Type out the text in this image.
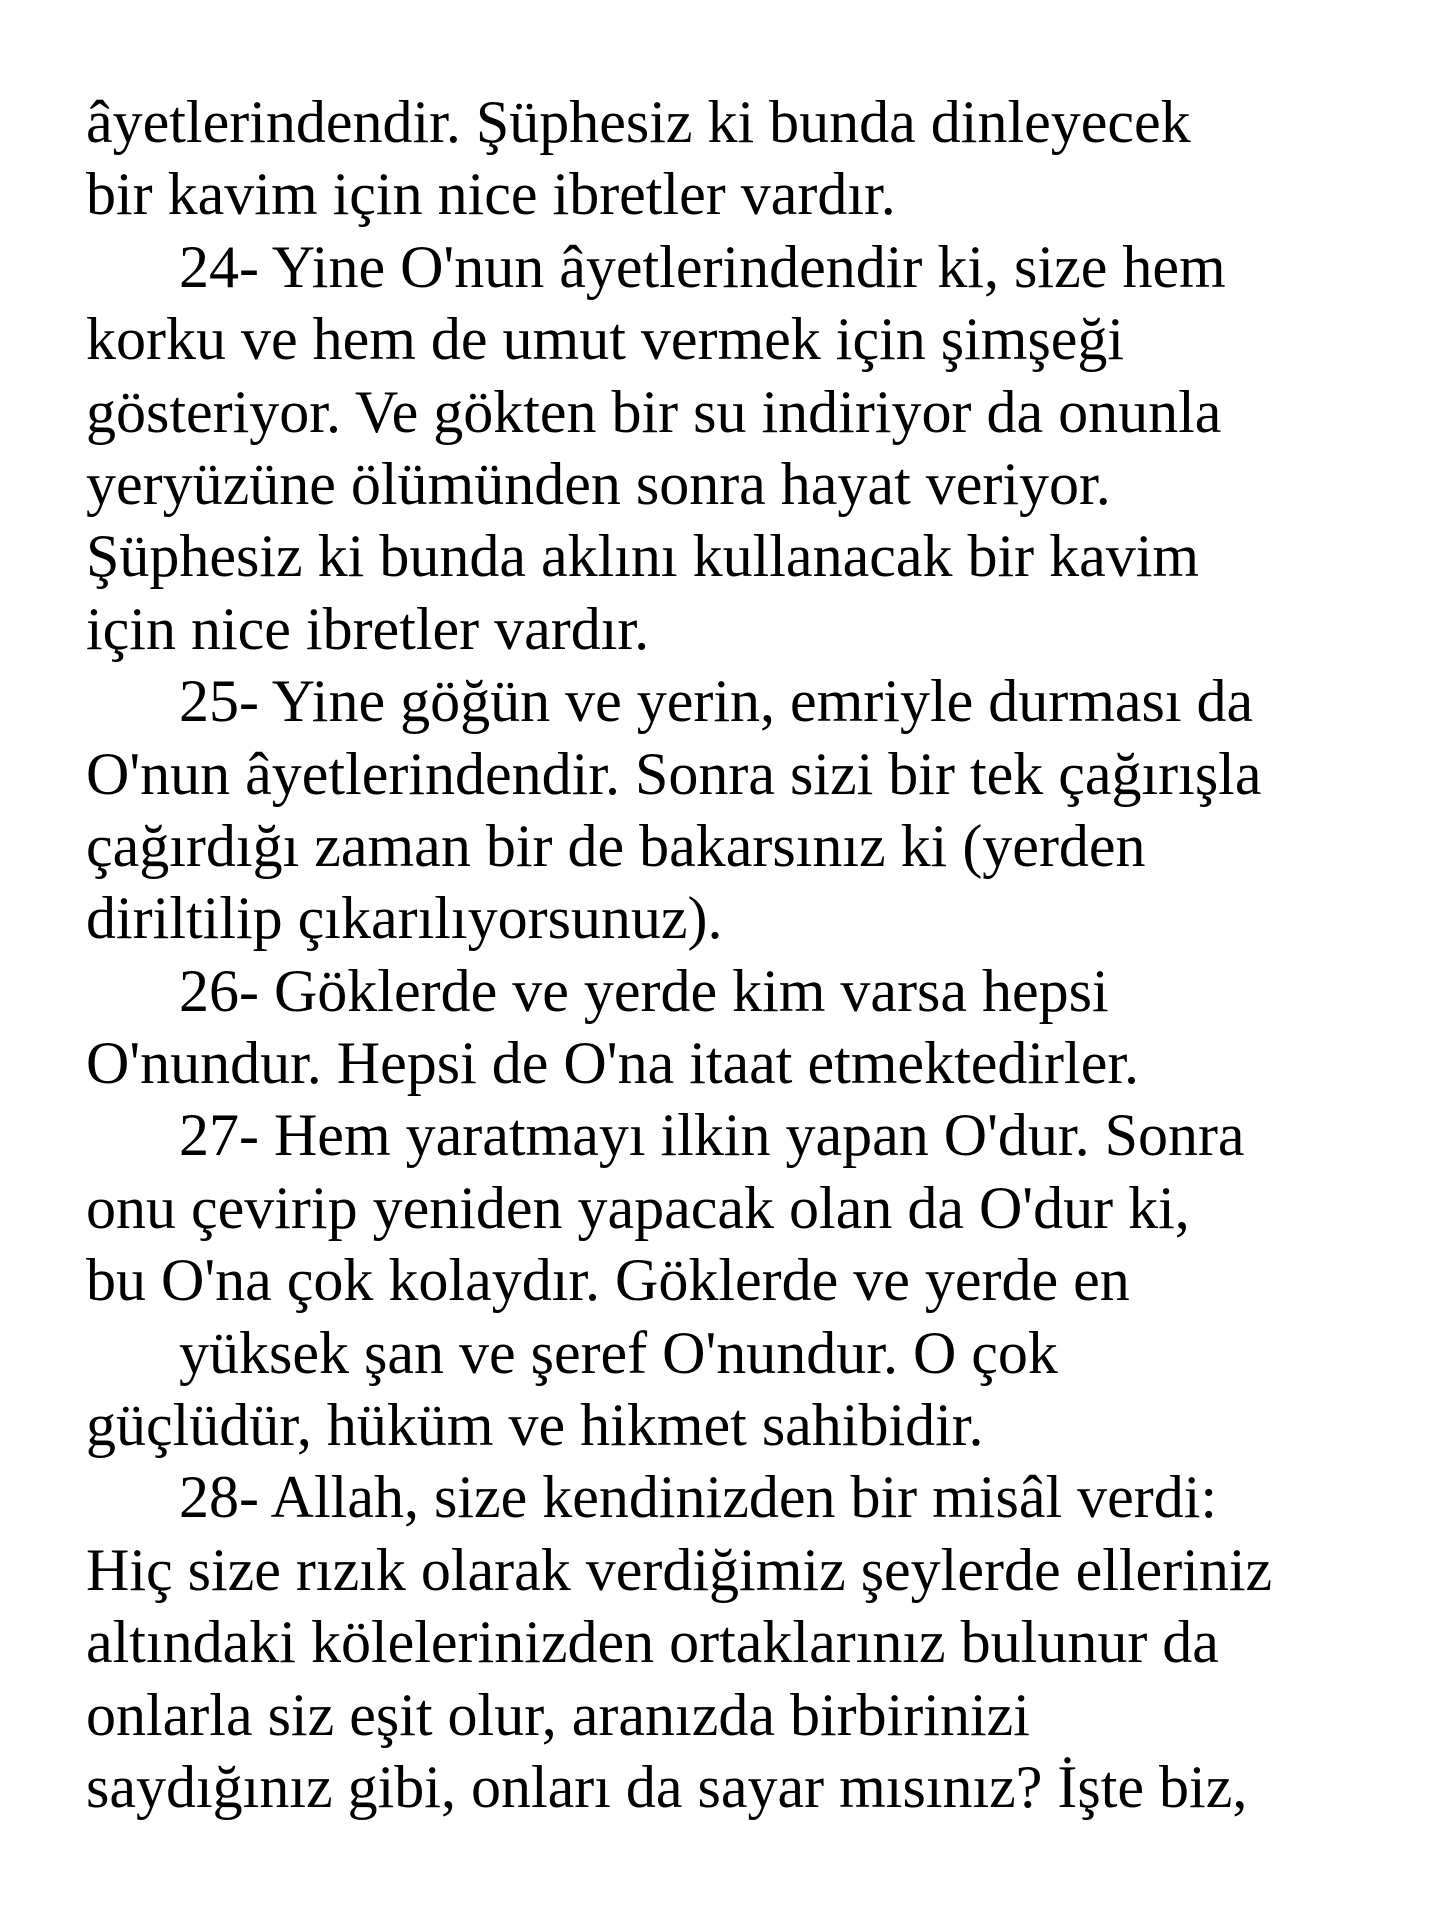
âyetlerindendir. Şüphesiz ki bunda dinleyecek
bir kavim için nice ibretler vardır.
24- Yine O'nun âyetlerindendir ki, size hem
korku ve hem de umut vermek için şimşeği
gösteriyor. Ve gökten bir su indiriyor da onunla
yeryüzüne ölümünden sonra hayat veriyor.
Şüphesiz ki bunda aklını kullanacak bir kavim
için nice ibretler vardır.
25- Yine göğün ve yerin, emriyle durması da
O'nun âyetlerindendir. Sonra sizi bir tek çağırışla
çağırdığı zaman bir de bakarsınız ki (yerden
diriltilip çıkarılıyorsunuz).
26- Göklerde ve yerde kim varsa hepsi
O'nundur. Hepsi de O'na itaat etmektedirler.
27- Hem yaratmayı ilkin yapan O'dur. Sonra
onu çevirip yeniden yapacak olan da O'dur ki,
bu O'na çok kolaydır. Göklerde ve yerde en
yüksek şan ve şeref O'nundur. O çok
güçlüdür, hüküm ve hikmet sahibidir.
28- Allah, size kendinizden bir misâl verdi:
Hiç size rızık olarak verdiğimiz şeylerde elleriniz
altındaki kölelerinizden ortaklarınız bulunur da
onlarla siz eşit olur, aranızda birbirinizi
saydığınız gibi, onları da sayar mısınız? İşte biz,
